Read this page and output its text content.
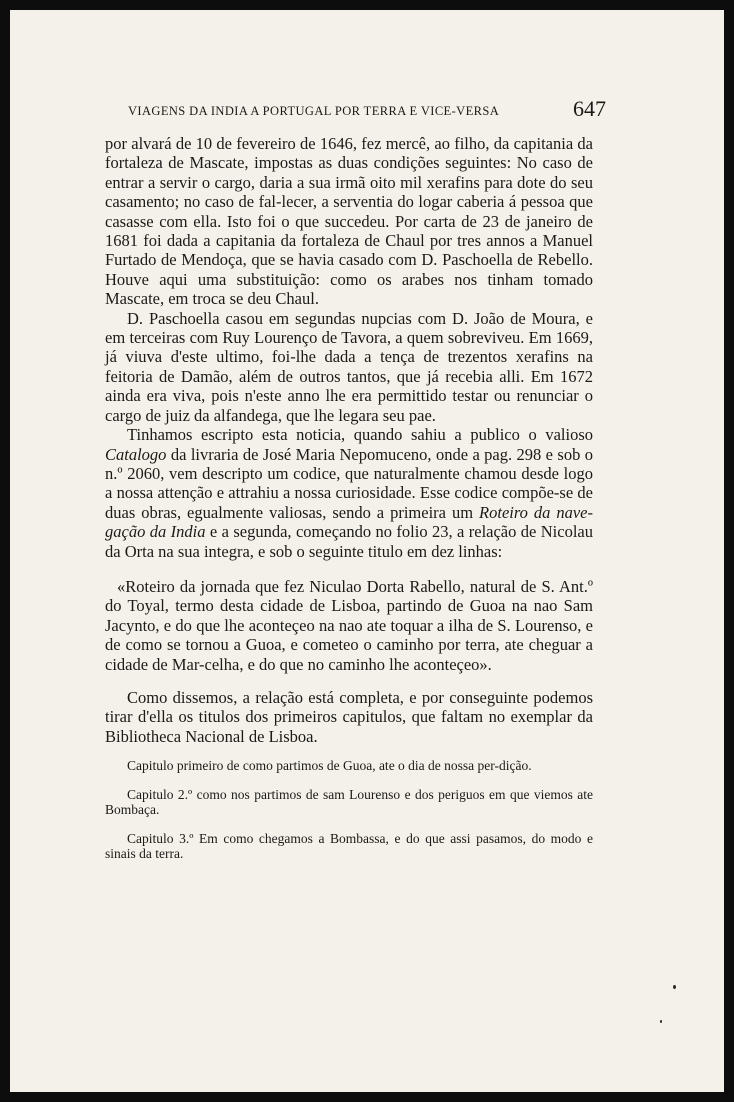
VIAGENS DA INDIA A PORTUGAL POR TERRA E VICE-VERSA	647

por alvará de 10 de fevereiro de 1646, fez mercê, ao filho, da capitania da fortaleza de Mascate, impostas as duas condições seguintes: No caso de entrar a servir o cargo, daria a sua irmã oito mil xerafins para dote do seu casamento; no caso de fal-lecer, a serventia do logar caberia á pessoa que casasse com ella. Isto foi o que succedeu. Por carta de 23 de janeiro de 1681 foi dada a capitania da fortaleza de Chaul por tres annos a Manuel Furtado de Mendoça, que se havia casado com D. Paschoella de Rebello. Houve aqui uma substituição: como os arabes nos tinham tomado Mascate, em troca se deu Chaul.

D. Paschoella casou em segundas nupcias com D. João de Moura, e em terceiras com Ruy Lourenço de Tavora, a quem sobreviveu. Em 1669, já viuva d'este ultimo, foi-lhe dada a tença de trezentos xerafins na feitoria de Damão, além de outros tantos, que já recebia alli. Em 1672 ainda era viva, pois n'este anno lhe era permittido testar ou renunciar o cargo de juiz da alfandega, que lhe legara seu pae.

Tinhamos escripto esta noticia, quando sahiu a publico o valioso Catalogo da livraria de José Maria Nepomuceno, onde a pag. 298 e sob o n.º 2060, vem descripto um codice, que naturalmente chamou desde logo a nossa attenção e attrahiu a nossa curiosidade. Esse codice compõe-se de duas obras, egualmente valiosas, sendo a primeira um Roteiro da nave-gação da India e a segunda, começando no folio 23, a relação de Nicolau da Orta na sua integra, e sob o seguinte titulo em dez linhas:

«Roteiro da jornada que fez Niculao Dorta Rabello, natural de S. Ant.º do Toyal, termo desta cidade de Lisboa, partindo de Guoa na nao Sam Jacynto, e do que lhe aconteçeo na nao ate toquar a ilha de S. Lourenso, e de como se tornou a Guoa, e cometeo o caminho por terra, ate cheguar a cidade de Mar-celha, e do que no caminho lhe aconteçeo».

Como dissemos, a relação está completa, e por conseguinte podemos tirar d'ella os titulos dos primeiros capitulos, que faltam no exemplar da Bibliotheca Nacional de Lisboa.

Capitulo primeiro de como partimos de Guoa, ate o dia de nossa per-dição.

Capitulo 2.º como nos partimos de sam Lourenso e dos periguos em que viemos ate Bombaça.

Capitulo 3.º Em como chegamos a Bombassa, e do que assi pasamos, do modo e sinais da terra.
